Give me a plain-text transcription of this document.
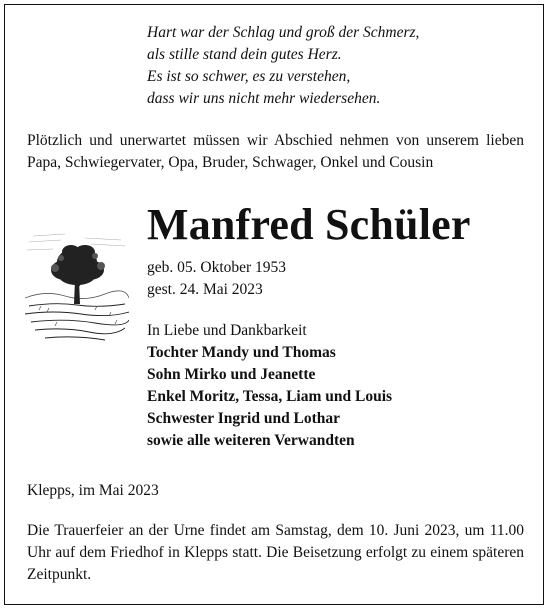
Hart war der Schlag und groß der Schmerz,
als stille stand dein gutes Herz.
Es ist so schwer, es zu verstehen,
dass wir uns nicht mehr wiedersehen.
Plötzlich und unerwartet müssen wir Abschied nehmen von unserem lieben Papa, Schwiegervater, Opa, Bruder, Schwager, Onkel und Cousin
Manfred Schüler
geb. 05. Oktober 1953
gest. 24. Mai 2023
In Liebe und Dankbarkeit
Tochter Mandy und Thomas
Sohn Mirko und Jeanette
Enkel Moritz, Tessa, Liam und Louis
Schwester Ingrid und Lothar
sowie alle weiteren Verwandten
Klepps, im Mai 2023
Die Trauerfeier an der Urne findet am Samstag, dem 10. Juni 2023, um 11.00 Uhr auf dem Friedhof in Klepps statt. Die Beisetzung erfolgt zu einem späteren Zeitpunkt.
